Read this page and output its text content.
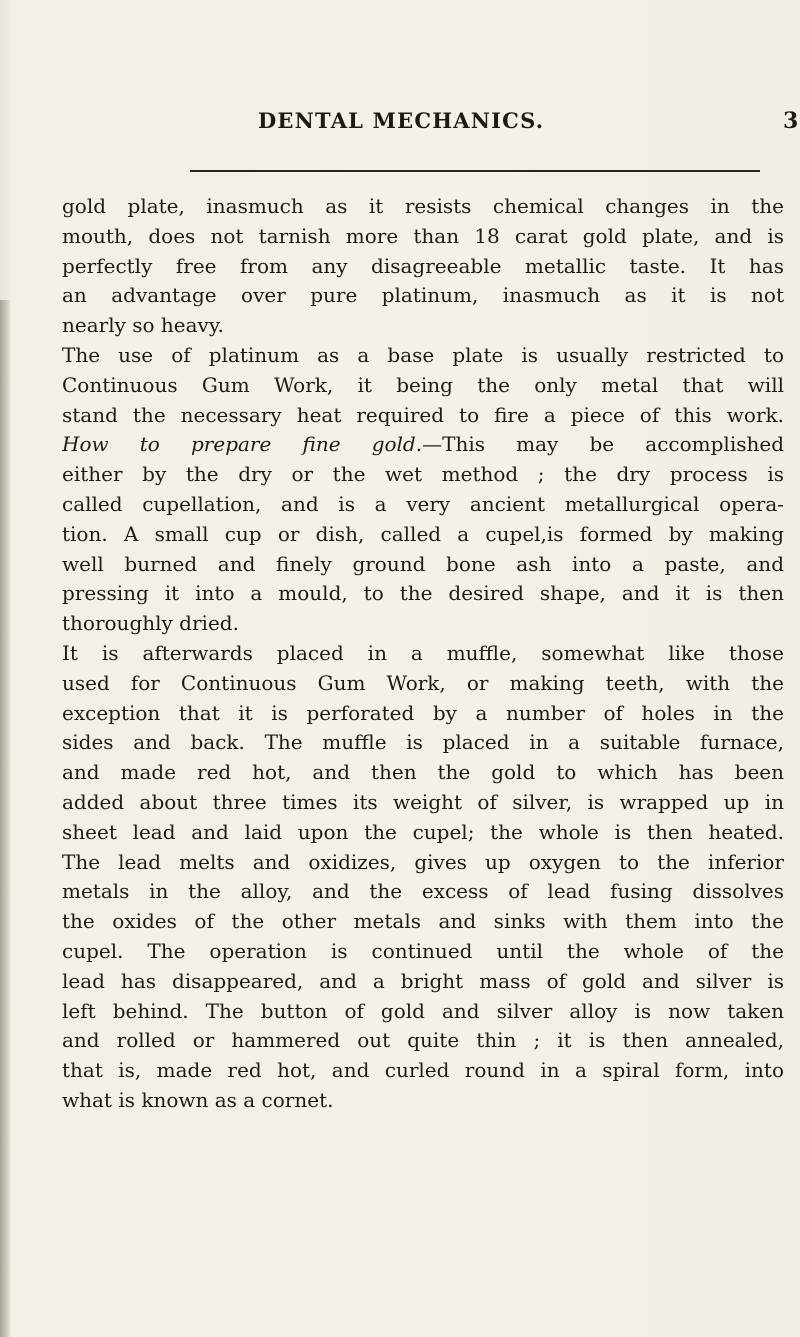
DENTAL MECHANICS.	3
gold plate, inasmuch as it resists chemical changes in the
mouth, does not tarnish more than 18 carat gold plate, and is
perfectly free from any disagreeable metallic taste. It has
an advantage over pure platinum, inasmuch as it is not
nearly so heavy.
The use of platinum as a base plate is usually restricted to
Continuous Gum Work, it being the only metal that will
stand the necessary heat required to fire a piece of this work.
How to prepare fine gold.—This may be accomplished
either by the dry or the wet method ; the dry process is
called cupellation, and is a very ancient metallurgical opera-
tion. A small cup or dish, called a cupel,is formed by making
well burned and finely ground bone ash into a paste, and
pressing it into a mould, to the desired shape, and it is then
thoroughly dried.
It is afterwards placed in a muffle, somewhat like those
used for Continuous Gum Work, or making teeth, with the
exception that it is perforated by a number of holes in the
sides and back. The muffle is placed in a suitable furnace,
and made red hot, and then the gold to which has been
added about three times its weight of silver, is wrapped up in
sheet lead and laid upon the cupel; the whole is then heated.
The lead melts and oxidizes, gives up oxygen to the inferior
metals in the alloy, and the excess of lead fusing dissolves
the oxides of the other metals and sinks with them into the
cupel. The operation is continued until the whole of the
lead has disappeared, and a bright mass of gold and silver is
left behind. The button of gold and silver alloy is now taken
and rolled or hammered out quite thin ; it is then annealed,
that is, made red hot, and curled round in a spiral form, into
what is known as a cornet.
